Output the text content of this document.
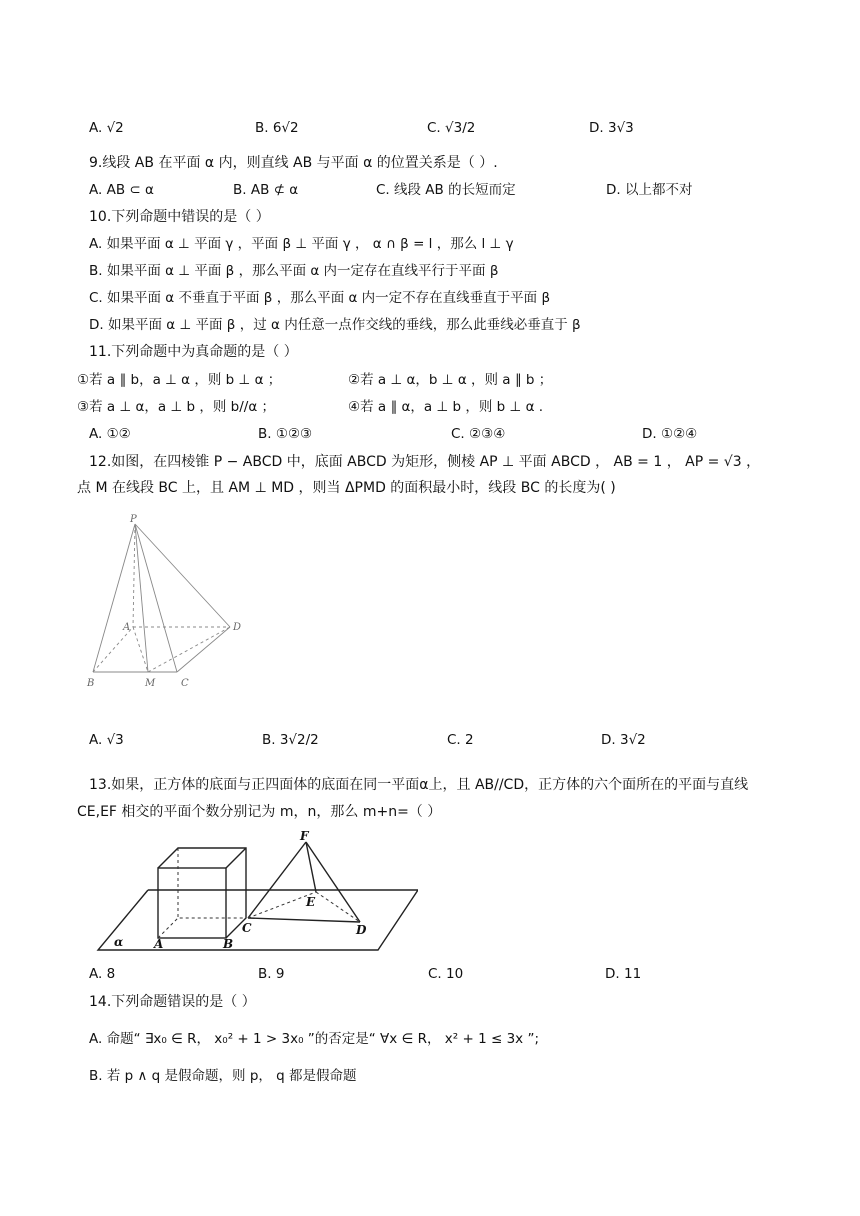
A. √2	B. 6√2	C. √3/2	D. 3√3
9.线段 AB 在平面 α 内，则直线 AB 与平面 α 的位置关系是（ ）.
A. AB ⊂ α	B. AB ⊄ α	C. 线段 AB 的长短而定	D. 以上都不对
10.下列命题中错误的是（ ）
A. 如果平面 α ⊥ 平面 γ ，平面 β ⊥ 平面 γ ， α ∩ β = l ，那么 l ⊥ γ
B. 如果平面 α ⊥ 平面 β ，那么平面 α 内一定存在直线平行于平面 β
C. 如果平面 α 不垂直于平面 β ，那么平面 α 内一定不存在直线垂直于平面 β
D. 如果平面 α ⊥ 平面 β ，过 α 内任意一点作交线的垂线，那么此垂线必垂直于 β
11.下列命题中为真命题的是（ ）
①若 a ∥ b，a ⊥ α ，则 b ⊥ α ；	②若 a ⊥ α，b ⊥ α ，则 a ∥ b ；
③若 a ⊥ α，a ⊥ b ，则 b//α ；	④若 a ∥ α，a ⊥ b ，则 b ⊥ α .
A. ①②	B. ①②③	C. ②③④	D. ①②④
12.如图，在四棱锥 P − ABCD 中，底面 ABCD 为矩形，侧棱 AP ⊥ 平面 ABCD ， AB = 1 ， AP = √3 ，
点 M 在线段 BC 上，且 AM ⊥ MD ，则当 ΔPMD 的面积最小时，线段 BC 的长度为( )
P
A	D
B	M	C
A. √3	B. 3√2/2	C. 2	D. 3√2
13.如果，正方体的底面与正四面体的底面在同一平面α上，且 AB//CD，正方体的六个面所在的平面与直线
CE,EF 相交的平面个数分别记为 m，n，那么 m+n=（ ）
F
E
A	B
C	D
α
A. 8	B. 9	C. 10	D. 11
14.下列命题错误的是（ ）
A. 命题“ ∃x₀ ∈ R， x₀² + 1 > 3x₀ ”的否定是“ ∀x ∈ R， x² + 1 ≤ 3x ”;
B. 若 p ∧ q 是假命题，则 p， q 都是假命题
